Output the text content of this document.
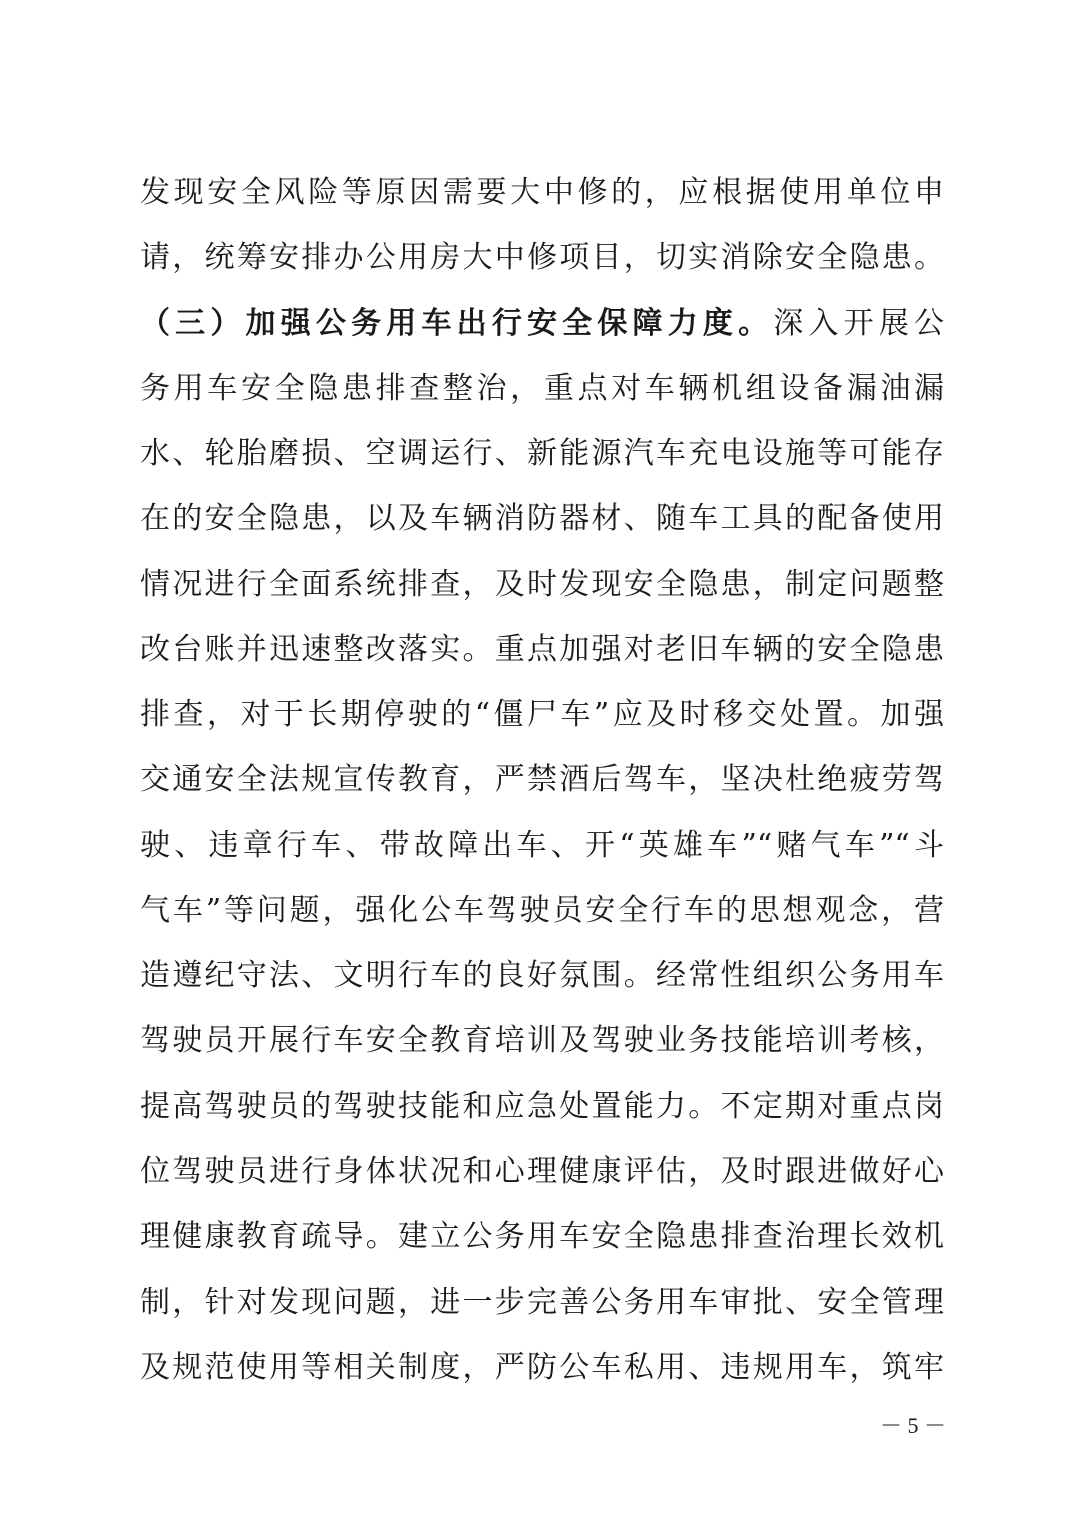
发现安全风险等原因需要大中修的，应根据使用单位申
请，统筹安排办公用房大中修项目，切实消除安全隐患。
（三）加强公务用车出行安全保障力度。深入开展公
务用车安全隐患排查整治，重点对车辆机组设备漏油漏
水、轮胎磨损、空调运行、新能源汽车充电设施等可能存
在的安全隐患，以及车辆消防器材、随车工具的配备使用
情况进行全面系统排查，及时发现安全隐患，制定问题整
改台账并迅速整改落实。重点加强对老旧车辆的安全隐患
排查，对于长期停驶的“僵尸车”应及时移交处置。加强
交通安全法规宣传教育，严禁酒后驾车，坚决杜绝疲劳驾
驶、违章行车、带故障出车、开“英雄车”“赌气车”“斗
气车”等问题，强化公车驾驶员安全行车的思想观念，营
造遵纪守法、文明行车的良好氛围。经常性组织公务用车
驾驶员开展行车安全教育培训及驾驶业务技能培训考核，
提高驾驶员的驾驶技能和应急处置能力。不定期对重点岗
位驾驶员进行身体状况和心理健康评估，及时跟进做好心
理健康教育疏导。建立公务用车安全隐患排查治理长效机
制，针对发现问题，进一步完善公务用车审批、安全管理
及规范使用等相关制度，严防公车私用、违规用车，筑牢
－ 5 －
